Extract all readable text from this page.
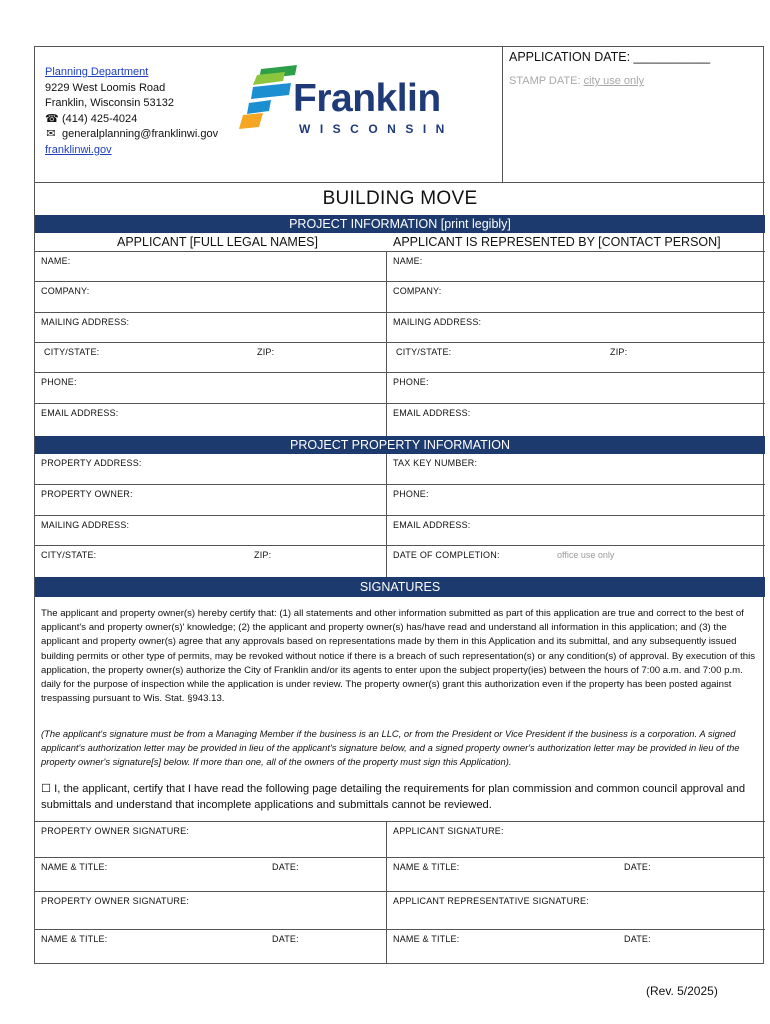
Planning Department
9229 West Loomis Road
Franklin, Wisconsin 53132
☎ (414) 425-4024
✉ generalplanning@franklinwi.gov
franklinwi.gov
Franklin
WISCONSIN
APPLICATION DATE: ___________
STAMP DATE: city use only
BUILDING MOVE
PROJECT INFORMATION [print legibly]
APPLICANT [FULL LEGAL NAMES]	APPLICANT IS REPRESENTED BY [CONTACT PERSON]
NAME:	NAME:
COMPANY:	COMPANY:
MAILING ADDRESS:	MAILING ADDRESS:
CITY/STATE:	ZIP:	CITY/STATE:	ZIP:
PHONE:	PHONE:
EMAIL ADDRESS:	EMAIL ADDRESS:
PROJECT PROPERTY INFORMATION
PROPERTY ADDRESS:	TAX KEY NUMBER:
PROPERTY OWNER:	PHONE:
MAILING ADDRESS:	EMAIL ADDRESS:
CITY/STATE:	ZIP:	DATE OF COMPLETION:	office use only
SIGNATURES
The applicant and property owner(s) hereby certify that: (1) all statements and other information submitted as part of this application are true and correct to the best of applicant's and property owner(s)' knowledge; (2) the applicant and property owner(s) has/have read and understand all information in this application; and (3) the applicant and property owner(s) agree that any approvals based on representations made by them in this Application and its submittal, and any subsequently issued building permits or other type of permits, may be revoked without notice if there is a breach of such representation(s) or any condition(s) of approval. By execution of this application, the property owner(s) authorize the City of Franklin and/or its agents to enter upon the subject property(ies) between the hours of 7:00 a.m. and 7:00 p.m. daily for the purpose of inspection while the application is under review. The property owner(s) grant this authorization even if the property has been posted against trespassing pursuant to Wis. Stat. §943.13.
(The applicant's signature must be from a Managing Member if the business is an LLC, or from the President or Vice President if the business is a corporation. A signed applicant's authorization letter may be provided in lieu of the applicant's signature below, and a signed property owner's authorization letter may be provided in lieu of the property owner's signature[s] below. If more than one, all of the owners of the property must sign this Application).
☐ I, the applicant, certify that I have read the following page detailing the requirements for plan commission and common council approval and submittals and understand that incomplete applications and submittals cannot be reviewed.
PROPERTY OWNER SIGNATURE:	APPLICANT SIGNATURE:
NAME & TITLE:	DATE:	NAME & TITLE:	DATE:
PROPERTY OWNER SIGNATURE:	APPLICANT REPRESENTATIVE SIGNATURE:
NAME & TITLE:	DATE:	NAME & TITLE:	DATE:
(Rev. 5/2025)
